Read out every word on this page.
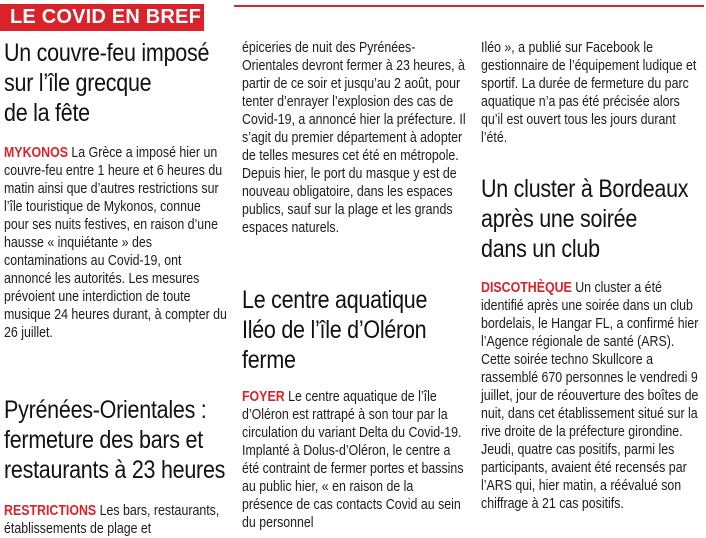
LE COVID EN BREF
Un couvre-feu imposé
sur l’île grecque
de la fête

MYKONOS La Grèce a imposé hier un couvre-feu entre 1 heure et 6 heures du matin ainsi que d’autres restrictions sur l’île touristique de Mykonos, connue pour ses nuits festives, en raison d’une hausse « inquiétante » des contaminations au Covid-19, ont annoncé les autorités. Les mesures prévoient une interdiction de toute musique 24 heures durant, à compter du 26 juillet.

Pyrénées-Orientales :
fermeture des bars et
restaurants à 23 heures

RESTRICTIONS Les bars, restaurants, établissements de plage et

épiceries de nuit des Pyrénées-Orientales devront fermer à 23 heures, à partir de ce soir et jusqu’au 2 août, pour tenter d’enrayer l’explosion des cas de Covid-19, a annoncé hier la préfecture. Il s’agit du premier département à adopter de telles mesures cet été en métropole. Depuis hier, le port du masque y est de nouveau obligatoire, dans les espaces publics, sauf sur la plage et les grands espaces naturels.

Le centre aquatique
Iléo de l’île d’Oléron
ferme

FOYER Le centre aquatique de l’île d’Oléron est rattrapé à son tour par la circulation du variant Delta du Covid-19. Implanté à Dolus-d’Oléron, le centre a été contraint de fermer portes et bassins au public hier, « en raison de la présence de cas contacts Covid au sein du personnel

Iléo », a publié sur Facebook le gestionnaire de l’équipement ludique et sportif. La durée de fermeture du parc aquatique n’a pas été précisée alors qu’il est ouvert tous les jours durant l’été.

Un cluster à Bordeaux
après une soirée
dans un club

DISCOTHÈQUE Un cluster a été identifié après une soirée dans un club bordelais, le Hangar FL, a confirmé hier l’Agence régionale de santé (ARS). Cette soirée techno Skullcore a rassemblé 670 personnes le vendredi 9 juillet, jour de réouverture des boîtes de nuit, dans cet établissement situé sur la rive droite de la préfecture girondine. Jeudi, quatre cas positifs, parmi les participants, avaient été recensés par l’ARS qui, hier matin, a réévalué son chiffrage à 21 cas positifs.
